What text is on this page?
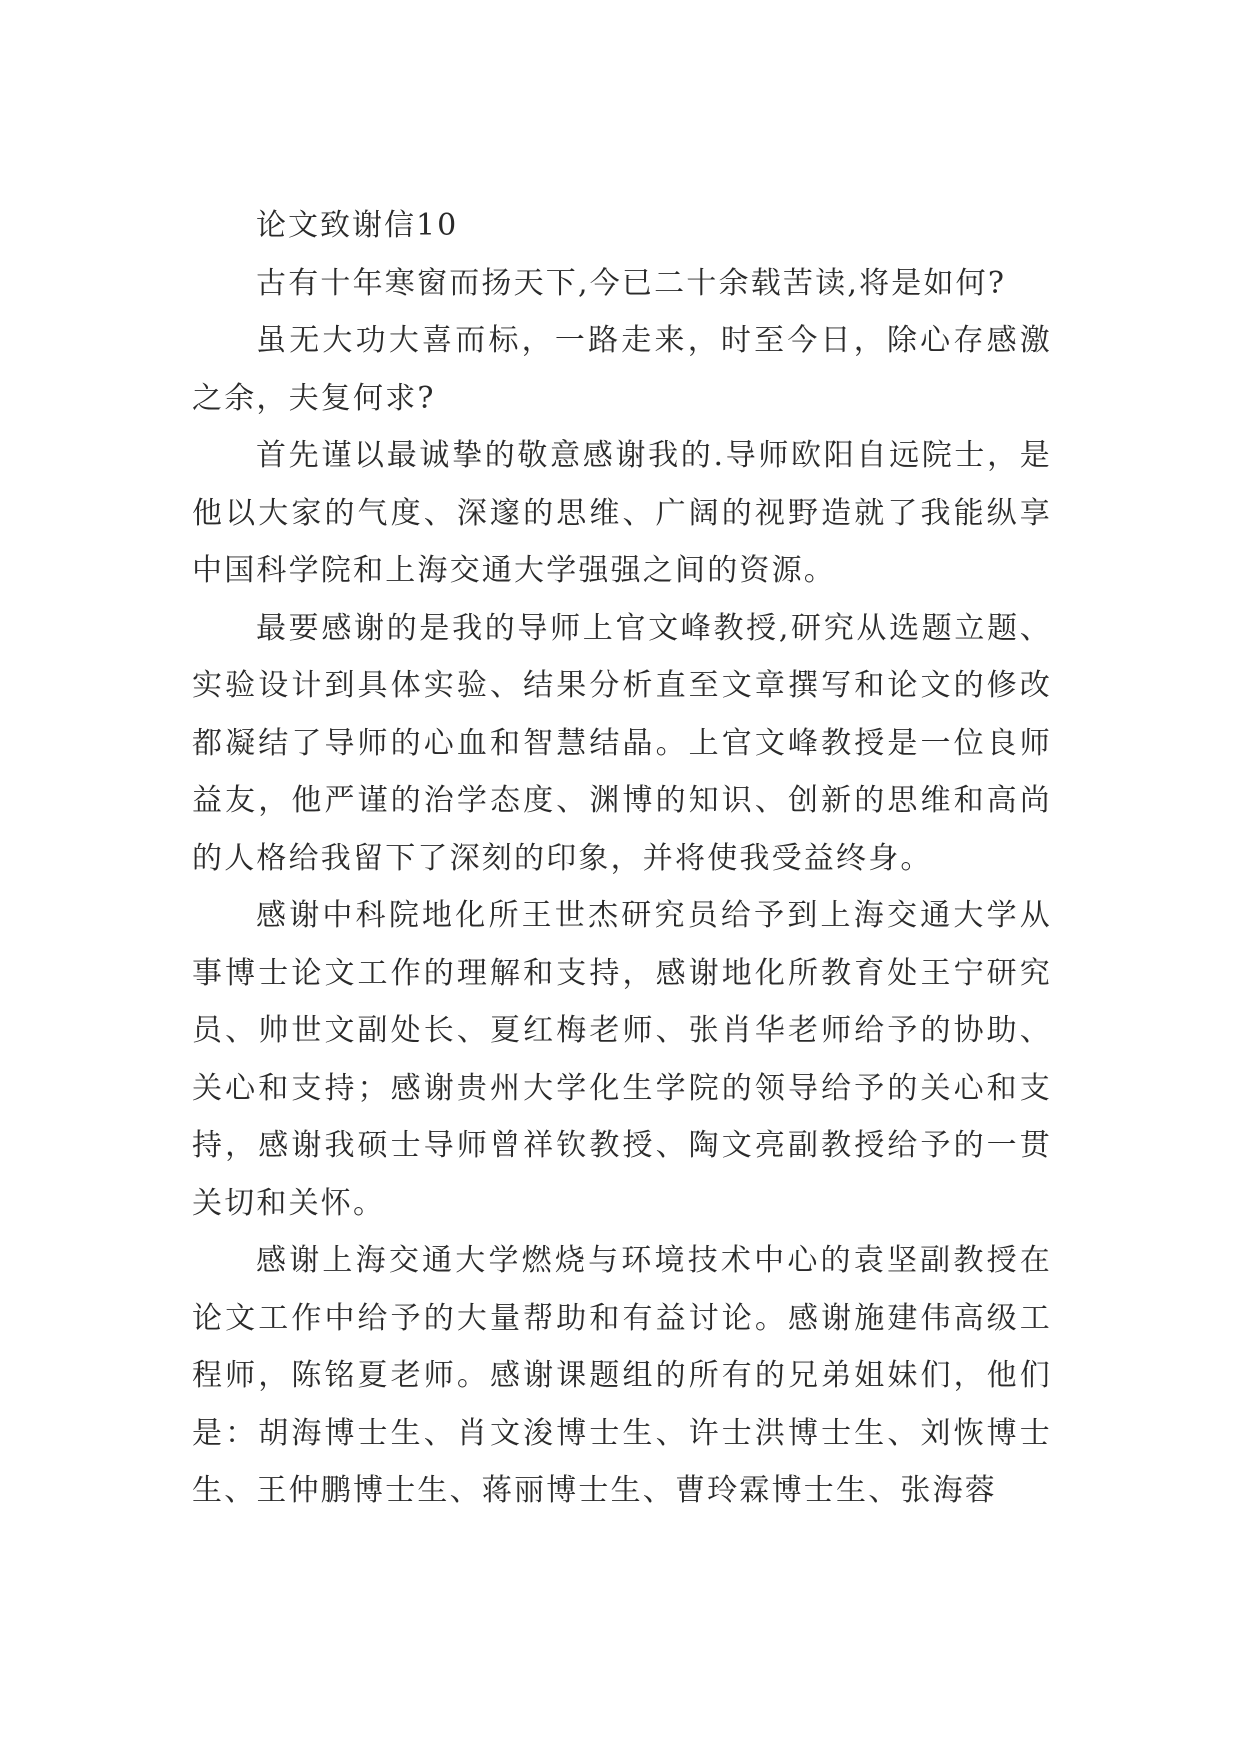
论文致谢信10

古有十年寒窗而扬天下,今已二十余载苦读,将是如何?

虽无大功大喜而标，一路走来，时至今日，除心存感激之余，夫复何求?

首先谨以最诚挚的敬意感谢我的.导师欧阳自远院士，是他以大家的气度、深邃的思维、广阔的视野造就了我能纵享中国科学院和上海交通大学强强之间的资源。

最要感谢的是我的导师上官文峰教授,研究从选题立题、实验设计到具体实验、结果分析直至文章撰写和论文的修改都凝结了导师的心血和智慧结晶。上官文峰教授是一位良师益友，他严谨的治学态度、渊博的知识、创新的思维和高尚的人格给我留下了深刻的印象，并将使我受益终身。

感谢中科院地化所王世杰研究员给予到上海交通大学从事博士论文工作的理解和支持，感谢地化所教育处王宁研究员、帅世文副处长、夏红梅老师、张肖华老师给予的协助、关心和支持；感谢贵州大学化生学院的领导给予的关心和支持，感谢我硕士导师曾祥钦教授、陶文亮副教授给予的一贯关切和关怀。

感谢上海交通大学燃烧与环境技术中心的袁坚副教授在论文工作中给予的大量帮助和有益讨论。感谢施建伟高级工程师，陈铭夏老师。感谢课题组的所有的兄弟姐妹们，他们是：胡海博士生、肖文浚博士生、许士洪博士生、刘恢博士生、王仲鹏博士生、蒋丽博士生、曹玲霖博士生、张海蓉
